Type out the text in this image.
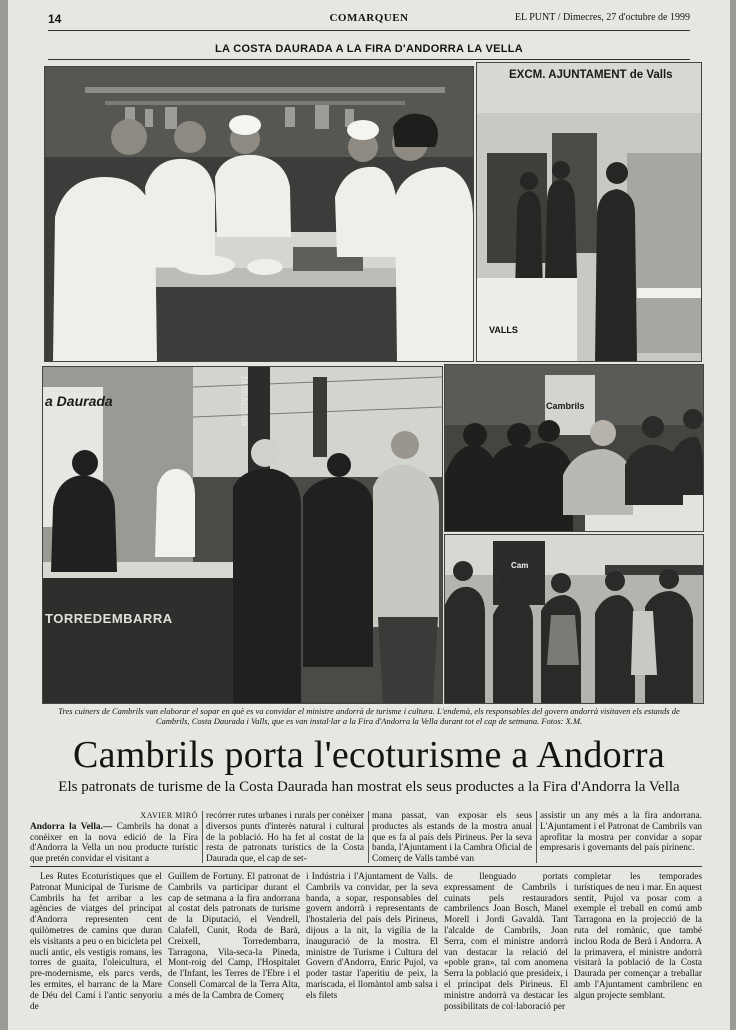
14	COMARQUEN	EL PUNT / Dimecres, 27 d'octubre de 1999
LA COSTA DAURADA A LA FIRA D'ANDORRA LA VELLA
EXCM. AJUNTAMENT de Valls
VALLS
a Daurada	TARRAGONA
TORREDEMBARRA
Cambrils
Cam
Tres cuiners de Cambrils van elaborar el sopar en què es va convidar el ministre andorrà de turisme i cultura. L'endemà, els responsables del govern andorrà visitaven els estands de Cambrils, Costa Daurada i Valls, que es van instal·lar a la Fira d'Andorra la Vella durant tot el cap de setmana. Fotos: X.M.
Cambrils porta l'ecoturisme a Andorra
Els patronats de turisme de la Costa Daurada han mostrat els seus productes a la Fira d'Andorra la Vella
XAVIER MIRÓ

Andorra la Vella.— Cambrils ha donat a conèixer en la nova edició de la Fira d'Andorra la Vella un nou producte turístic que pretén convidar el visitant a

recórrer rutes urbanes i rurals per conèixer diversos punts d'interès natural i cultural de la població. Ho ha fet al costat de la resta de patronats turístics de la Costa Daurada que, el cap de set-

mana passat, van exposar els seus productes als estands de la mostra anual que es fa al país dels Pirineus. Per la seva banda, l'Ajuntament i la Cambra Oficial de Comerç de Valls també van

assistir un any més a la fira andorrana. L'Ajuntament i el Patronat de Cambrils van aprofitar la mostra per convidar a sopar empresaris i governants del país pirinenc.

Les Rutes Ecoturístiques que el Patronat Municipal de Turisme de Cambrils ha fet arribar a les agències de viatges del principat d'Andorra representen cent quilòmetres de camins que duran els visitants a peu o en bicicleta pel nucli antic, els vestigis romans, les torres de guaita, l'oleicultura, el pre-modernisme, els parcs verds, les ermites, el barranc de la Mare de Déu del Camí i l'antic senyoriu de

Guillem de Fortuny. El patronat de Cambrils va participar durant el cap de setmana a la fira andorrana al costat dels patronats de turisme de la Diputació, el Vendrell, Calafell, Cunit, Roda de Barà, Creixell, Torredembarra, Tarragona, Vila-seca-la Pineda, Mont-roig del Camp, l'Hospitalet de l'Infant, les Terres de l'Ebre i el Consell Comarcal de la Terra Alta, a més de la Cambra de Comerç

i Indústria i l'Ajuntament de Valls. Cambrils va convidar, per la seva banda, a sopar, responsables del govern andorrà i representants de l'hostaleria del país dels Pirineus, dijous a la nit, la vigília de la inauguració de la mostra. El ministre de Turisme i Cultura del Govern d'Andorra, Enric Pujol, va poder tastar l'aperitiu de peix, la mariscada, el llomàntol amb salsa i els filets

de llenguado portats expressament de Cambrils i cuinats pels restauradors cambrilencs Joan Bosch, Manel Morell i Jordi Gavaldà. Tant l'alcalde de Cambrils, Joan Serra, com el ministre andorrà van destacar la relació del «poble gran», tal com anomena Serra la població que presideix, i el principat dels Pirineus. El ministre andorrà va destacar les possibilitats de col·laboració per

completar les temporades turístiques de neu i mar. En aquest sentit, Pujol va posar com a exemple el treball en comú amb Tarragona en la projecció de la ruta del romànic, que també inclou Roda de Berà i Andorra. A la primavera, el ministre andorrà visitarà la població de la Costa Daurada per començar a treballar amb l'Ajuntament cambrilenc en algun projecte semblant.
